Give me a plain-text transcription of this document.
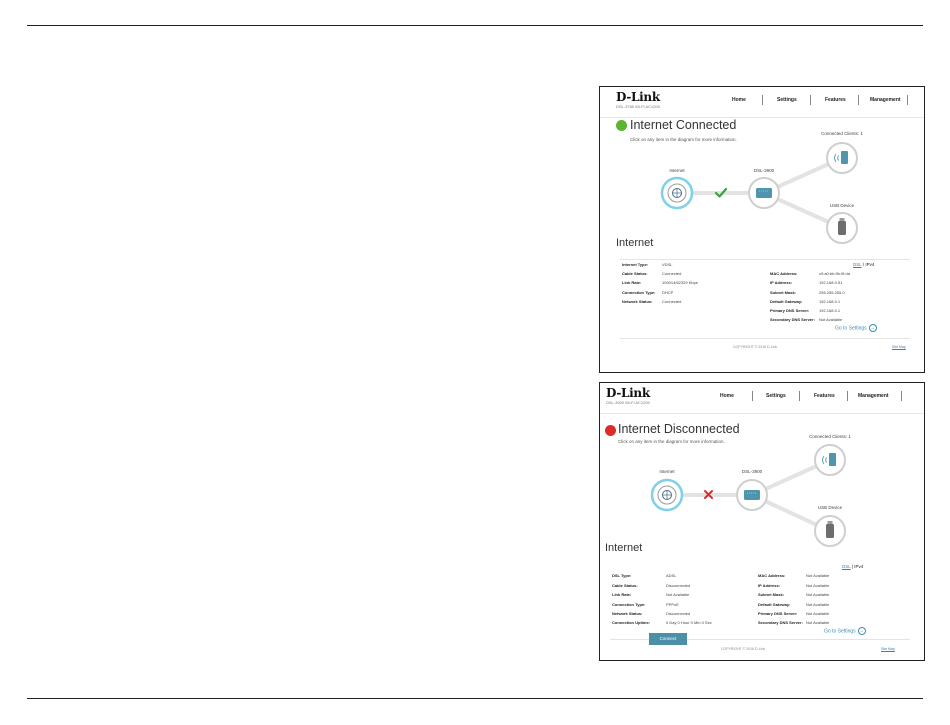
D-Link
DSL-3785 Wi-Fi AC1200
Home	Settings	Features	Management
Internet Connected
Click on any item in the diagram for more information.
Internet	DSL-3900
Connected Clients: 1
USB Device
Internet
DSL / IPv4
Internet Type:	VDSL
Cable Status:	Connected
Link Rate:	100014/62329 Kbps
Connection Type: DHCP
Network Status: Connected
MAC Address:	c0:a0:bb:9b:0f:da
IP Address:	192.168.0.51
Subnet Mask:	255.255.255.0
Default Gateway:	192.168.0.1
Primary DNS Server: 192.168.0.1
Secondary DNS Server: Not Available
Go to Settings →
COPYRIGHT © 2016 D-Link	Site Map
D-Link
DSL-3900 Wi-Fi AC1200
Home	Settings	Features	Management
Internet Disconnected
Click on any item in the diagram for more information.
Internet	DSL-3900
Connected Clients: 1
USB Device
Internet
DSL | IPv4
DSL Type:	ADSL
Cable Status:	Disconnected
Link Rate:	Not Available
Connection Type:	PPPoE
Network Status:	Disconnected
Connection Uptime:	0 Day 0 Hour 0 Min 0 Sec
MAC Address:	Not Available
IP Address:	Not Available
Subnet Mask:	Not Available
Default Gateway:	Not Available
Primary DNS Server: Not Available
Secondary DNS Server: Not Available
Go to Settings →
Connect
COPYRIGHT © 2016 D-Link	Site Map
